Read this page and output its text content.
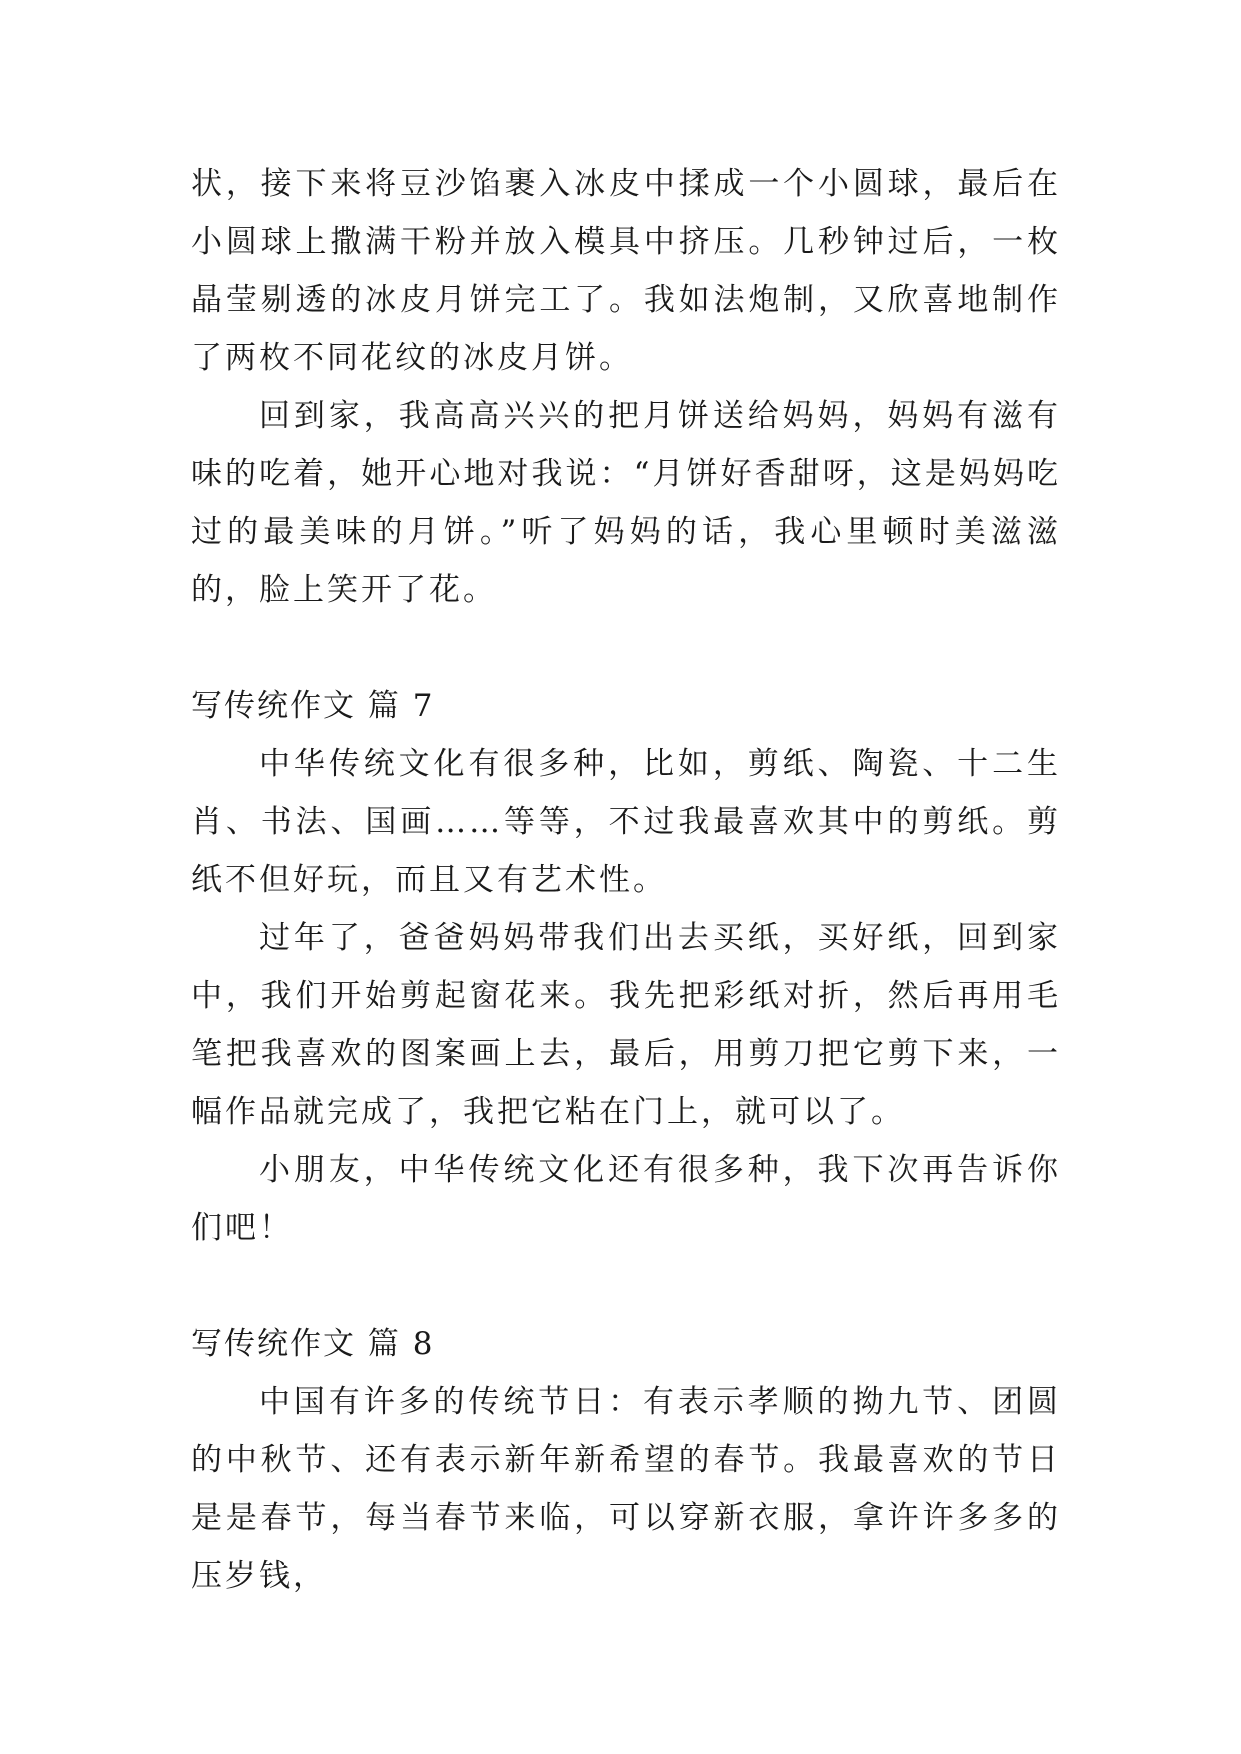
状，接下来将豆沙馅裹入冰皮中揉成一个小圆球，最后在小圆球上撒满干粉并放入模具中挤压。几秒钟过后，一枚晶莹剔透的冰皮月饼完工了。我如法炮制，又欣喜地制作了两枚不同花纹的冰皮月饼。

回到家，我高高兴兴的把月饼送给妈妈，妈妈有滋有味的吃着，她开心地对我说：“月饼好香甜呀，这是妈妈吃过的最美味的月饼。”听了妈妈的话，我心里顿时美滋滋的，脸上笑开了花。

写传统作文 篇 7

中华传统文化有很多种，比如，剪纸、陶瓷、十二生肖、书法、国画……等等，不过我最喜欢其中的剪纸。剪纸不但好玩，而且又有艺术性。

过年了，爸爸妈妈带我们出去买纸，买好纸，回到家中，我们开始剪起窗花来。我先把彩纸对折，然后再用毛笔把我喜欢的图案画上去，最后，用剪刀把它剪下来，一幅作品就完成了，我把它粘在门上，就可以了。

小朋友，中华传统文化还有很多种，我下次再告诉你们吧！

写传统作文 篇 8

中国有许多的传统节日：有表示孝顺的拗九节、团圆的中秋节、还有表示新年新希望的春节。我最喜欢的节日是是春节，每当春节来临，可以穿新衣服，拿许许多多的压岁钱，
